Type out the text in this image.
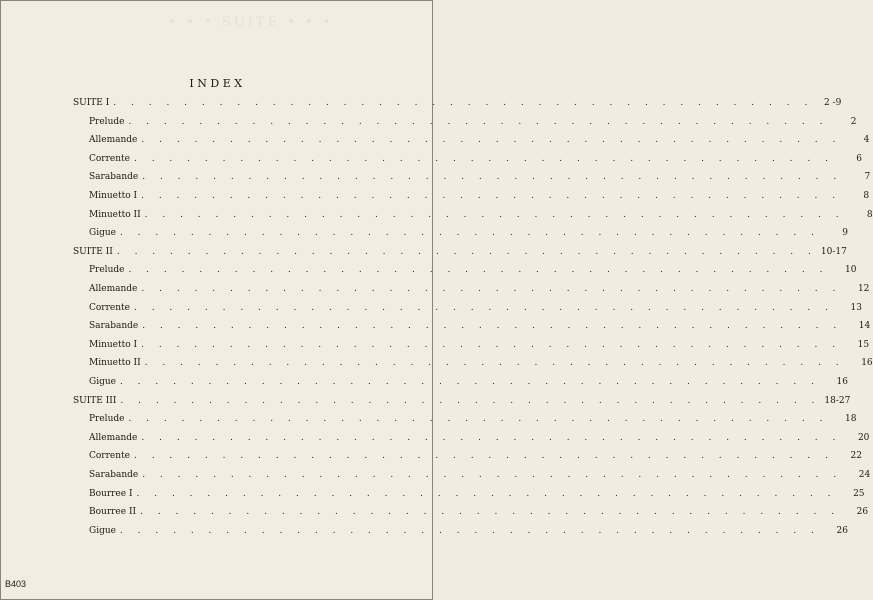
• • • SUITE • • •
INDEX
SUITE I . . . . . . . . . . . . . . . . . . . . . . . . . . . . . . . . . . . . . . . .	2 -9
Prelude . . . . . . . . . . . . . . . . . . . . . . . . . . . . . . . . . . . . . . . .	2
Allemande . . . . . . . . . . . . . . . . . . . . . . . . . . . . . . . . . . . . . . . .	4
Corrente . . . . . . . . . . . . . . . . . . . . . . . . . . . . . . . . . . . . . . . .	6
Sarabande . . . . . . . . . . . . . . . . . . . . . . . . . . . . . . . . . . . . . . . .	7
Minuetto I . . . . . . . . . . . . . . . . . . . . . . . . . . . . . . . . . . . . . . . .	8
Minuetto II . . . . . . . . . . . . . . . . . . . . . . . . . . . . . . . . . . . . . . . .	8
Gigue . . . . . . . . . . . . . . . . . . . . . . . . . . . . . . . . . . . . . . . .	9
SUITE II . . . . . . . . . . . . . . . . . . . . . . . . . . . . . . . . . . . . . . . . 10-17
Prelude . . . . . . . . . . . . . . . . . . . . . . . . . . . . . . . . . . . . . . . .	10
Allemande . . . . . . . . . . . . . . . . . . . . . . . . . . . . . . . . . . . . . . . .	12
Corrente . . . . . . . . . . . . . . . . . . . . . . . . . . . . . . . . . . . . . . . .	13
Sarabande . . . . . . . . . . . . . . . . . . . . . . . . . . . . . . . . . . . . . . . .	14
Minuetto I . . . . . . . . . . . . . . . . . . . . . . . . . . . . . . . . . . . . . . . .	15
Minuetto II . . . . . . . . . . . . . . . . . . . . . . . . . . . . . . . . . . . . . . . .	16
Gigue . . . . . . . . . . . . . . . . . . . . . . . . . . . . . . . . . . . . . . . .	16
SUITE III . . . . . . . . . . . . . . . . . . . . . . . . . . . . . . . . . . . . . . . . 18-27
Prelude . . . . . . . . . . . . . . . . . . . . . . . . . . . . . . . . . . . . . . . .	18
Allemande . . . . . . . . . . . . . . . . . . . . . . . . . . . . . . . . . . . . . . . .	20
Corrente . . . . . . . . . . . . . . . . . . . . . . . . . . . . . . . . . . . . . . . .	22
Sarabande . . . . . . . . . . . . . . . . . . . . . . . . . . . . . . . . . . . . . . . .	24
Bourree I . . . . . . . . . . . . . . . . . . . . . . . . . . . . . . . . . . . . . . . .	25
Bourree II . . . . . . . . . . . . . . . . . . . . . . . . . . . . . . . . . . . . . . . .	26
Gigue . . . . . . . . . . . . . . . . . . . . . . . . . . . . . . . . . . . . . . . .	26
B403
